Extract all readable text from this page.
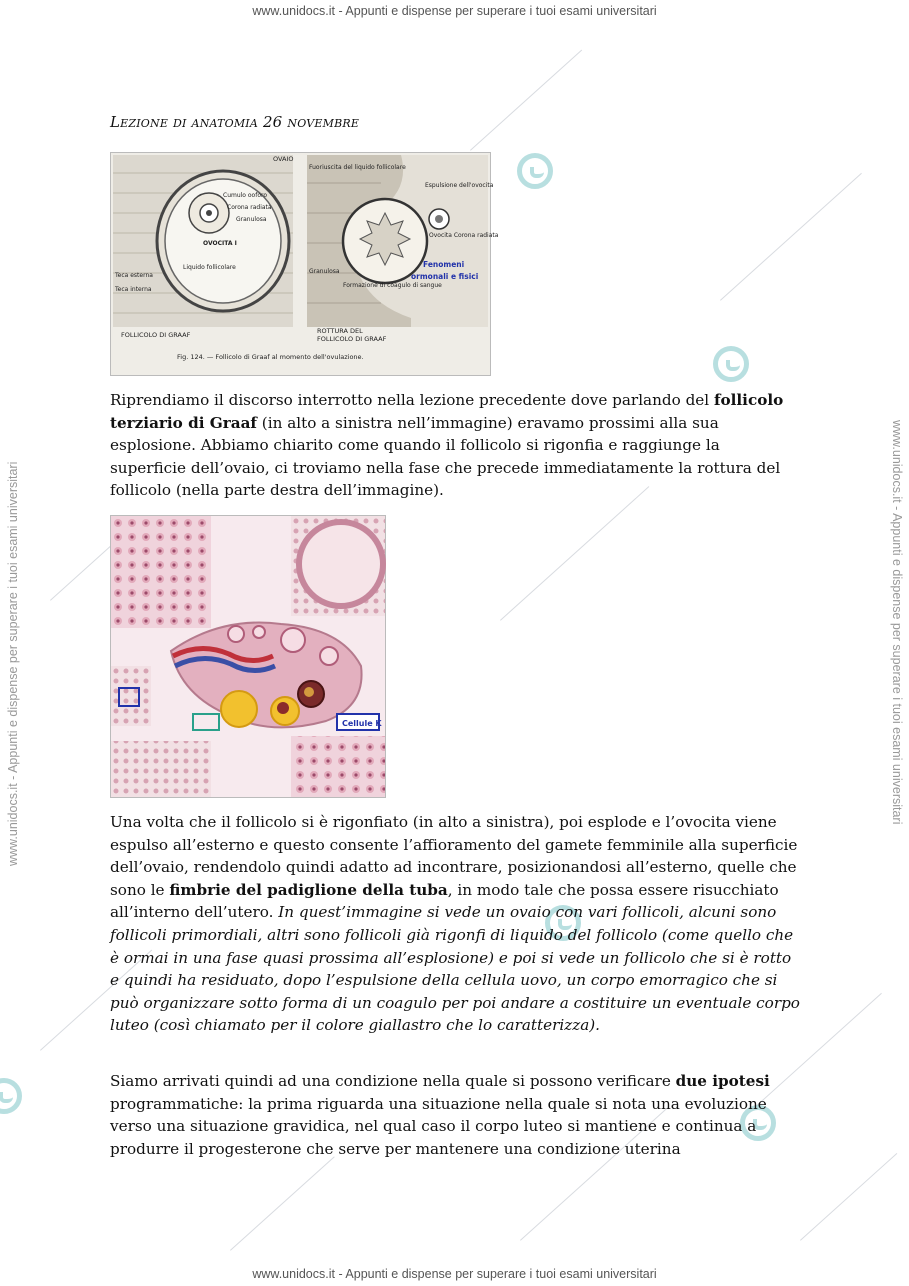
www.unidocs.it - Appunti e dispense per superare i tuoi esami universitari
www.unidocs.it - Appunti e dispense per superare i tuoi esami universitari
www.unidocs.it - Appunti e dispense per superare i tuoi esami universitari	www.unidocs.it - Appunti e dispense per superare i tuoi esami universitari
Lezione di anatomia 26 novembre
Cumulo ooforo
Corona radiata
Granulosa
OVOCITA I
Liquido follicolare
Teca esterna
Teca interna
FOLLICOLO DI GRAAF
OVAIO
Fuoriuscita del liquido follicolare
Espulsione dell'ovocita
Ovocita Corona radiata
Granulosa
Formazione di coagulo di sangue
Fenomeni
ormonali e fisici
ROTTURA DEL
FOLLICOLO DI GRAAF
Fig. 124. — Follicolo di Graaf al momento dell'ovulazione.

Riprendiamo il discorso interrotto nella lezione precedente dove parlando del follicolo terziario di Graaf (in alto a sinistra nell’immagine) eravamo prossimi alla sua esplosione. Abbiamo chiarito come quando il follicolo si rigonfia e raggiunge la superficie dell’ovaio, ci troviamo nella fase che precede immediatamente la rottura del follicolo (nella parte destra dell’immagine).

Cellule K

Una volta che il follicolo si è rigonfiato (in alto a sinistra), poi esplode e l’ovocita viene espulso all’esterno e questo consente l’affioramento del gamete femminile alla superficie dell’ovaio, rendendolo quindi adatto ad incontrare, posizionandosi all’esterno, quelle che sono le fimbrie del padiglione della tuba, in modo tale che possa essere risucchiato all’interno dell’utero. In quest’immagine si vede un ovaio con vari follicoli, alcuni sono follicoli primordiali, altri sono follicoli già rigonfi di liquido del follicolo (come quello che è ormai in una fase quasi prossima all’esplosione) e poi si vede un follicolo che si è rotto e quindi ha residuato, dopo l’espulsione della cellula uovo, un corpo emorragico che si può organizzare sotto forma di un coagulo per poi andare a costituire un eventuale corpo luteo (così chiamato per il colore giallastro che lo caratterizza).

Siamo arrivati quindi ad una condizione nella quale si possono verificare due ipotesi programmatiche: la prima riguarda una situazione nella quale si nota una evoluzione verso una situazione gravidica, nel qual caso il corpo luteo si mantiene e continua a produrre il progesterone che serve per mantenere una condizione uterina
